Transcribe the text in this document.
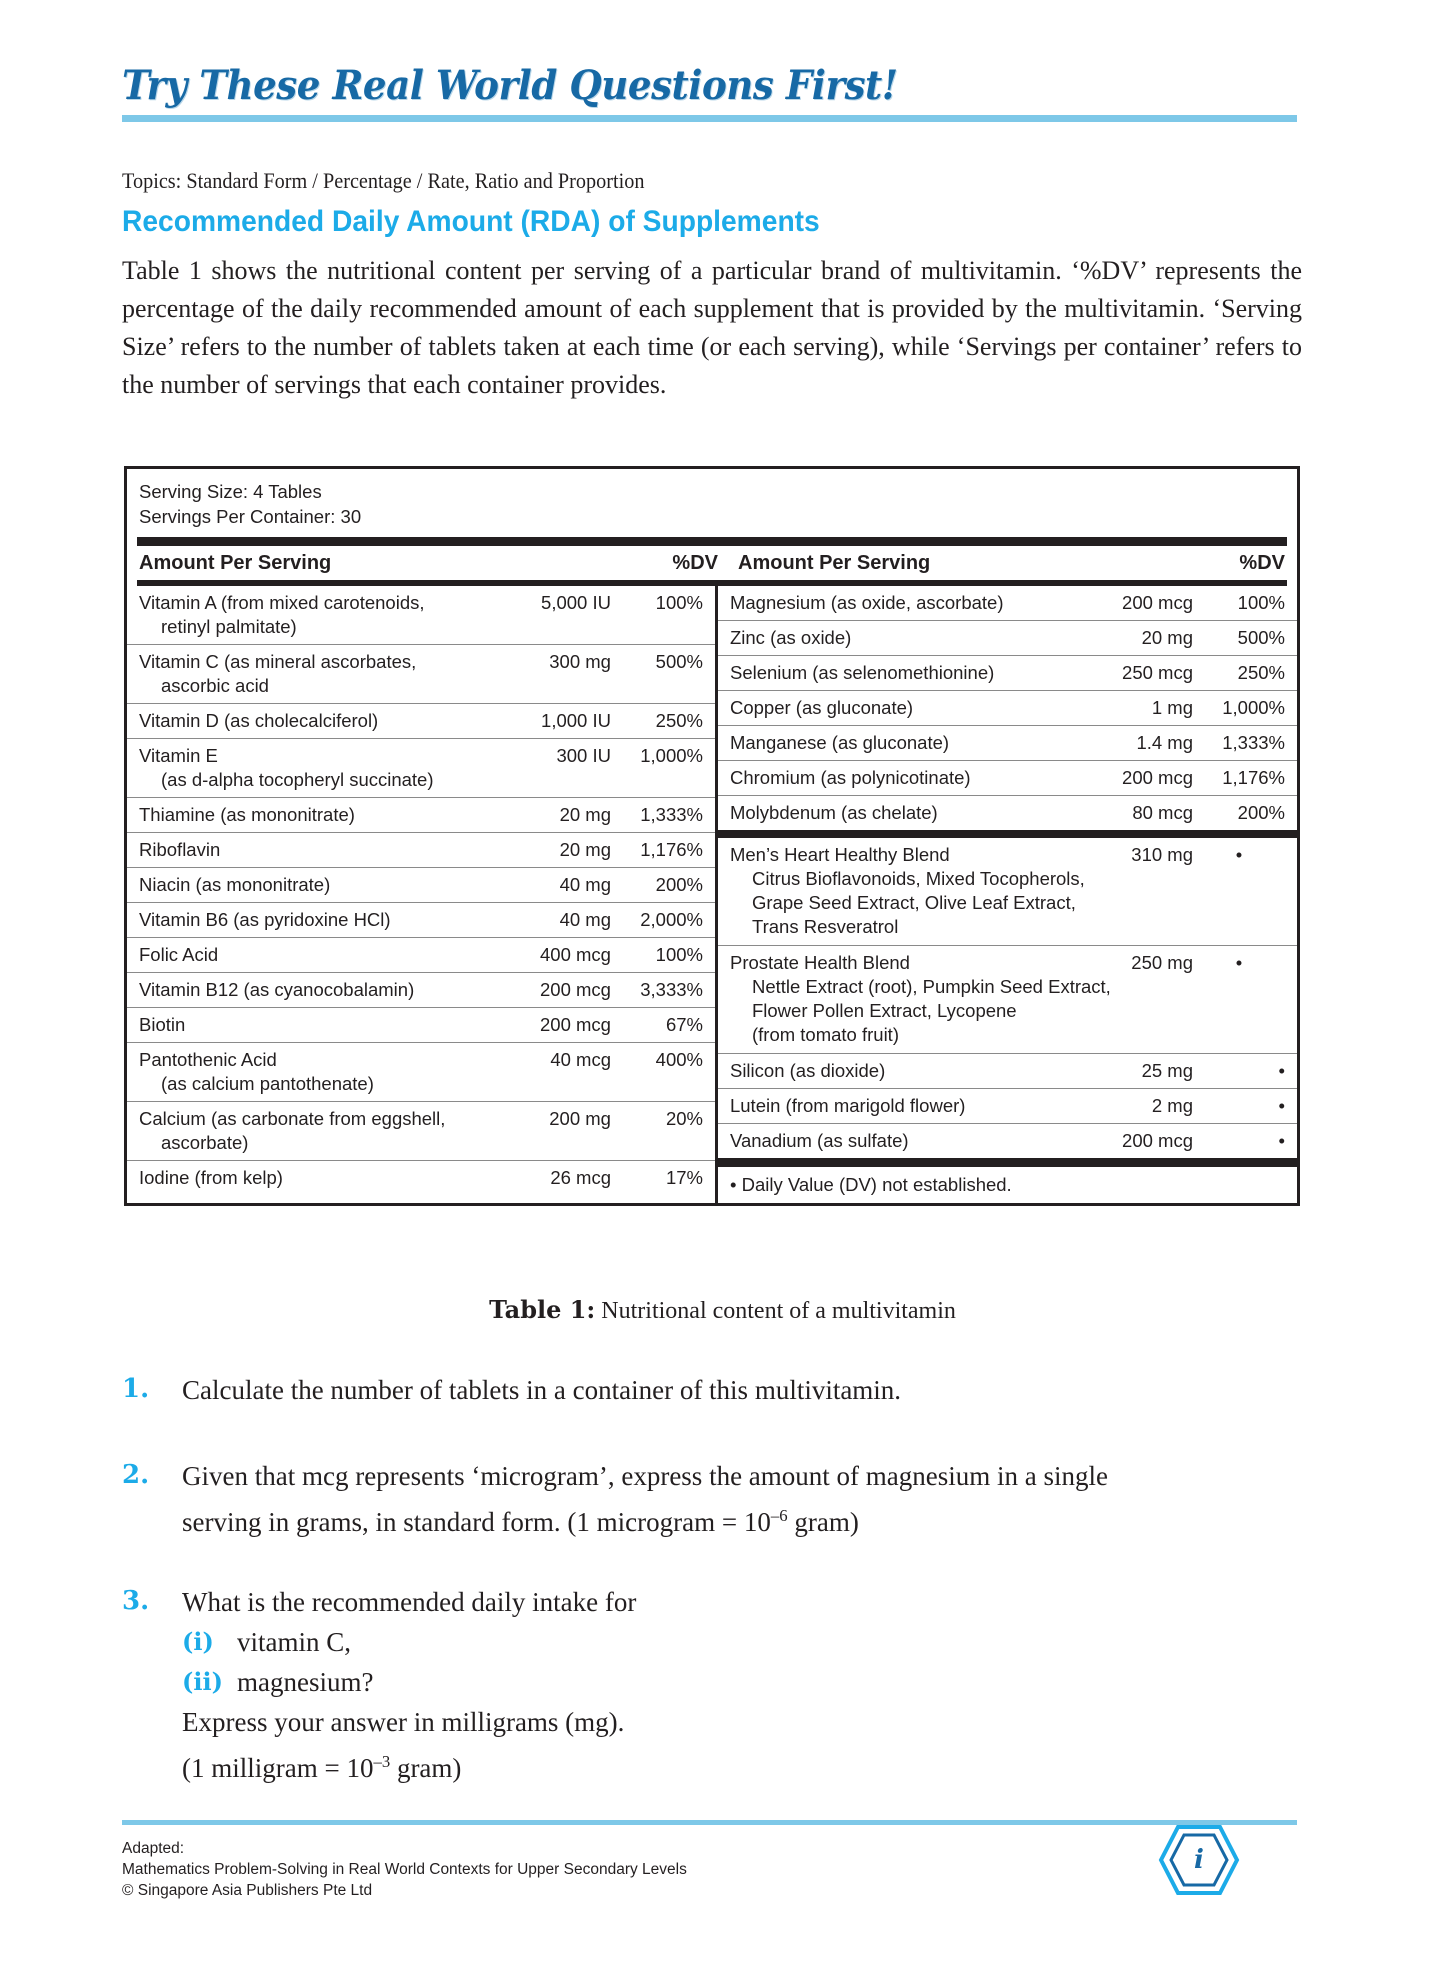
Try These Real World Questions First!
Topics: Standard Form / Percentage / Rate, Ratio and Proportion
Recommended Daily Amount (RDA) of Supplements
Table 1 shows the nutritional content per serving of a particular brand of multivitamin. ‘%DV’ represents the percentage of the daily recommended amount of each supplement that is provided by the multivitamin. ‘Serving Size’ refers to the number of tablets taken at each time (or each serving), while ‘Servings per container’ refers to the number of servings that each container provides.
Serving Size: 4 Tables
Servings Per Container: 30
Amount Per Serving	%DV	Amount Per Serving	%DV
Vitamin A (from mixed carotenoids,
retinyl palmitate)
5,000 IU	100%
Vitamin C (as mineral ascorbates,
ascorbic acid
300 mg	500%
Vitamin D (as cholecalciferol)	1,000 IU	250%
Vitamin E
(as d-alpha tocopheryl succinate)
300 IU	1,000%
Thiamine (as mononitrate)	20 mg	1,333%
Riboflavin	20 mg	1,176%
Niacin (as mononitrate)	40 mg	200%
Vitamin B6 (as pyridoxine HCl)	40 mg	2,000%
Folic Acid	400 mcg	100%
Vitamin B12 (as cyanocobalamin)	200 mcg	3,333%
Biotin	200 mcg	67%
Pantothenic Acid
(as calcium pantothenate)
40 mcg	400%
Calcium (as carbonate from eggshell,
ascorbate)
200 mg	20%
Iodine (from kelp)	26 mcg	17%
Magnesium (as oxide, ascorbate)	200 mcg	100%
Zinc (as oxide)	20 mg	500%
Selenium (as selenomethionine)	250 mcg	250%
Copper (as gluconate)	1 mg	1,000%
Manganese (as gluconate)	1.4 mg	1,333%
Chromium (as polynicotinate)	200 mcg	1,176%
Molybdenum (as chelate)	80 mcg	200%
Men’s Heart Healthy Blend	310 mg	•
Citrus Bioflavonoids, Mixed Tocopherols,
Grape Seed Extract, Olive Leaf Extract,
Trans Resveratrol
Prostate Health Blend	250 mg	•
Nettle Extract (root), Pumpkin Seed Extract,
Flower Pollen Extract, Lycopene
(from tomato fruit)
Silicon (as dioxide)	25 mg	•
Lutein (from marigold flower)	2 mg	•
Vanadium (as sulfate)	200 mcg	•
• Daily Value (DV) not established.
Table 1: Nutritional content of a multivitamin
1. Calculate the number of tablets in a container of this multivitamin.
2. Given that mcg represents ‘microgram’, express the amount of magnesium in a single
serving in grams, in standard form. (1 microgram = $10^{-6}$ gram)
3. What is the recommended daily intake for
(i) vitamin C,
(ii) magnesium?
Express your answer in milligrams (mg).
(1 milligram = $10^{-3}$ gram)
Adapted:
Mathematics Problem-Solving in Real World Contexts for Upper Secondary Levels
© Singapore Asia Publishers Pte Ltd
i
